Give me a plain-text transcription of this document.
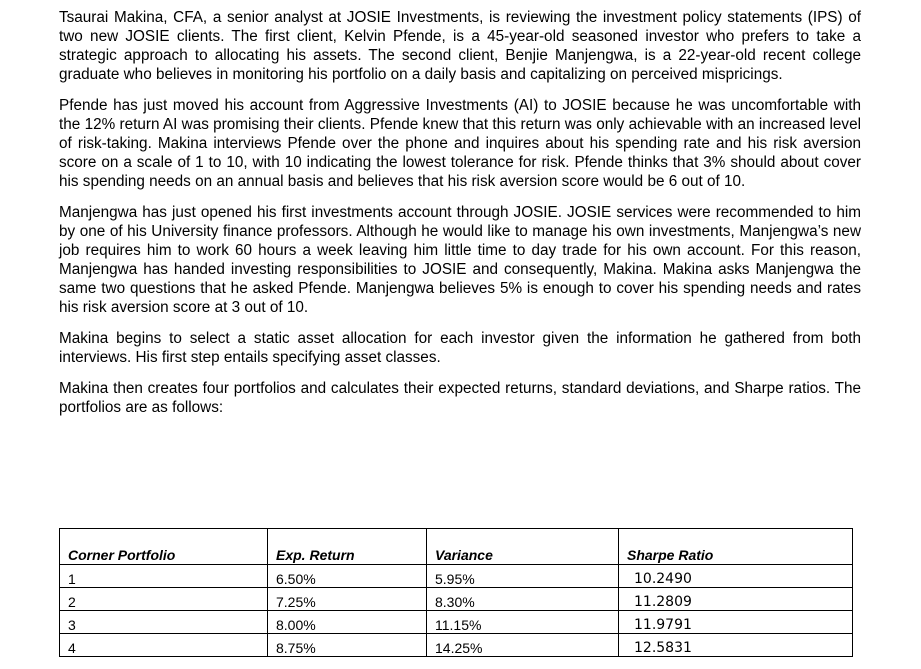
Tsaurai Makina, CFA, a senior analyst at JOSIE Investments, is reviewing the investment policy statements (IPS) of two new JOSIE clients. The first client, Kelvin Pfende, is a 45-year-old seasoned investor who prefers to take a strategic approach to allocating his assets. The second client, Benjie Manjengwa, is a 22-year-old recent college graduate who believes in monitoring his portfolio on a daily basis and capitalizing on perceived mispricings.

Pfende has just moved his account from Aggressive Investments (AI) to JOSIE because he was uncomfortable with the 12% return AI was promising their clients. Pfende knew that this return was only achievable with an increased level of risk-taking. Makina interviews Pfende over the phone and inquires about his spending rate and his risk aversion score on a scale of 1 to 10, with 10 indicating the lowest tolerance for risk. Pfende thinks that 3% should about cover his spending needs on an annual basis and believes that his risk aversion score would be 6 out of 10.

Manjengwa has just opened his first investments account through JOSIE. JOSIE services were recommended to him by one of his University finance professors. Although he would like to manage his own investments, Manjengwa’s new job requires him to work 60 hours a week leaving him little time to day trade for his own account. For this reason, Manjengwa has handed investing responsibilities to JOSIE and consequently, Makina. Makina asks Manjengwa the same two questions that he asked Pfende. Manjengwa believes 5% is enough to cover his spending needs and rates his risk aversion score at 3 out of 10.

Makina begins to select a static asset allocation for each investor given the information he gathered from both interviews. His first step entails specifying asset classes.

Makina then creates four portfolios and calculates their expected returns, standard deviations, and Sharpe ratios. The portfolios are as follows:

Corner Portfolio	Exp. Return	Variance	Sharpe Ratio
1	6.50%	5.95%	10.2490
2	7.25%	8.30%	11.2809
3	8.00%	11.15%	11.9791
4	8.75%	14.25%	12.5831
